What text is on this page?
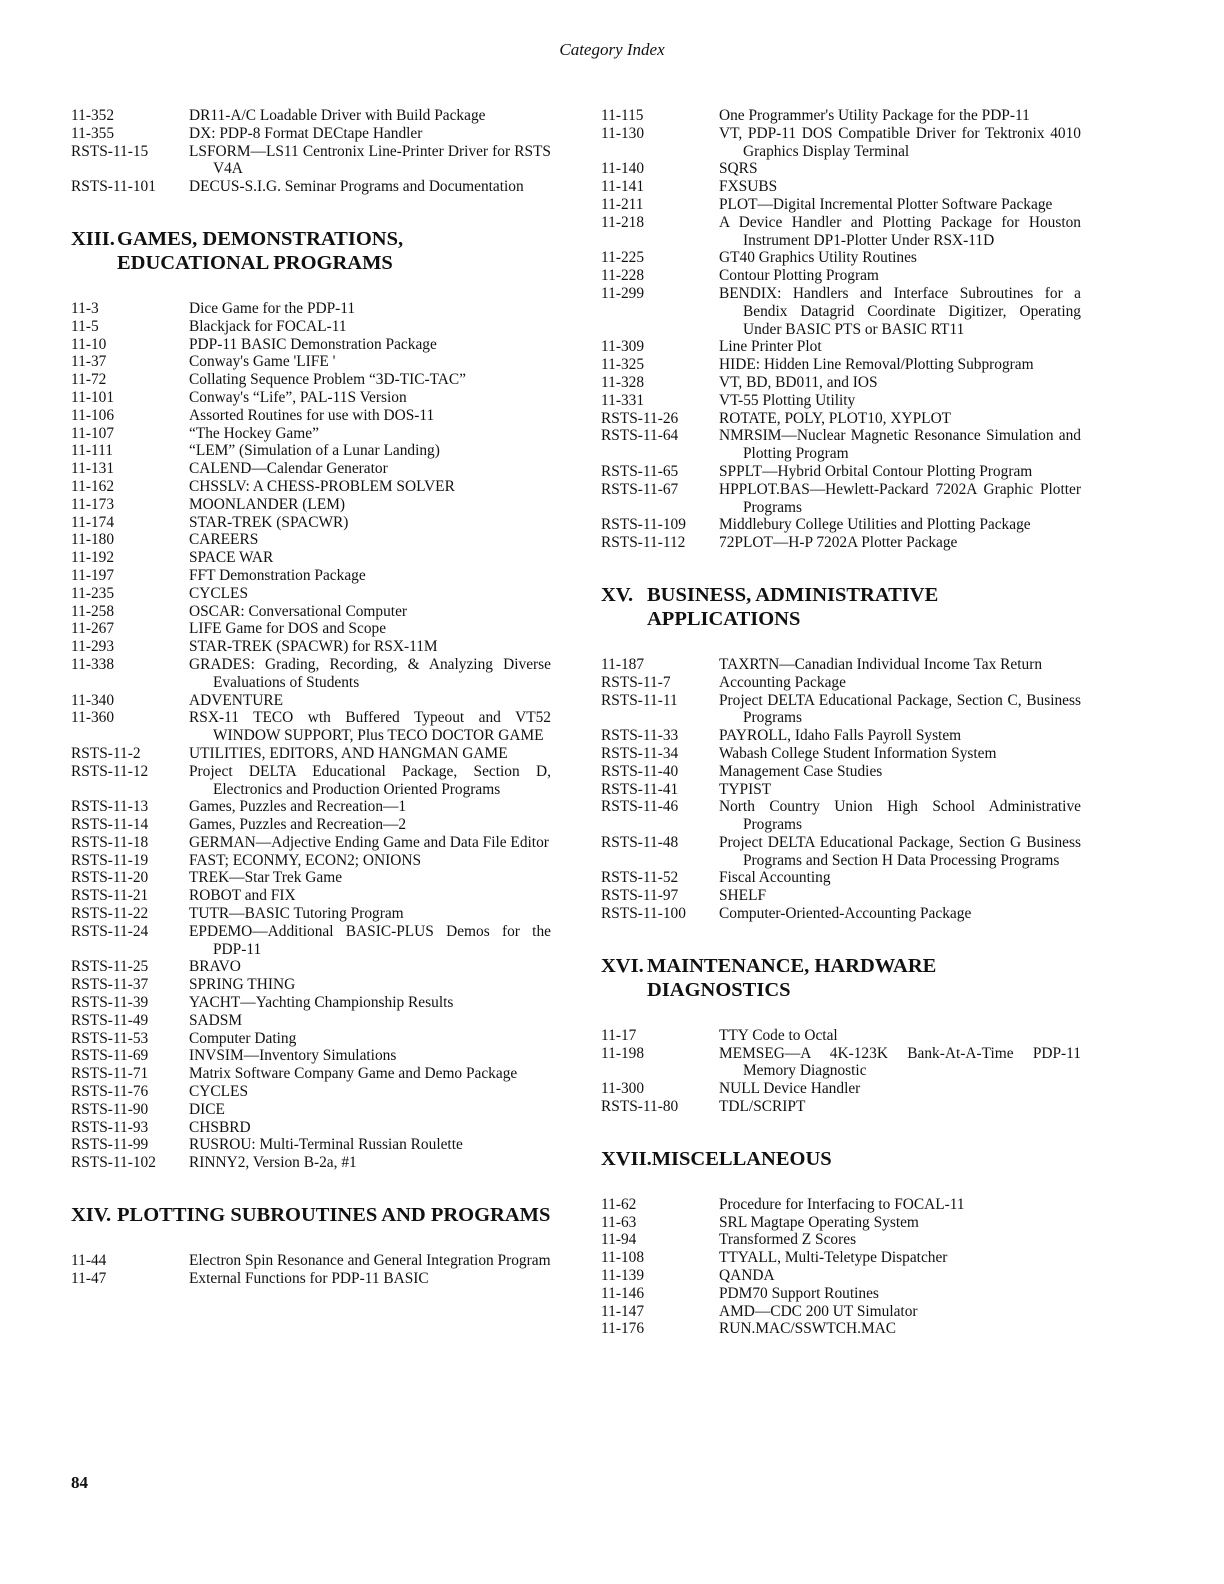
Category Index
11-352	DR11-A/C Loadable Driver with Build Package
11-355	DX: PDP-8 Format DECtape Handler
RSTS-11-15	LSFORM—LS11 Centronix Line-Printer Driver for RSTS V4A
RSTS-11-101	DECUS-S.I.G. Seminar Programs and Documentation
XIII. GAMES, DEMONSTRATIONS, EDUCATIONAL PROGRAMS
11-3	Dice Game for the PDP-11
11-5	Blackjack for FOCAL-11
11-10	PDP-11 BASIC Demonstration Package
11-37	Conway's Game 'LIFE '
11-72	Collating Sequence Problem “3D-TIC-TAC”
11-101	Conway's “Life”, PAL-11S Version
11-106	Assorted Routines for use with DOS-11
11-107	“The Hockey Game”
11-111	“LEM” (Simulation of a Lunar Landing)
11-131	CALEND—Calendar Generator
11-162	CHSSLV: A CHESS-PROBLEM SOLVER
11-173	MOONLANDER (LEM)
11-174	STAR-TREK (SPACWR)
11-180	CAREERS
11-192	SPACE WAR
11-197	FFT Demonstration Package
11-235	CYCLES
11-258	OSCAR: Conversational Computer
11-267	LIFE Game for DOS and Scope
11-293	STAR-TREK (SPACWR) for RSX-11M
11-338	GRADES: Grading, Recording, & Analyzing Diverse Evaluations of Students
11-340	ADVENTURE
11-360	RSX-11 TECO wth Buffered Typeout and VT52 WINDOW SUPPORT, Plus TECO DOCTOR GAME
RSTS-11-2	UTILITIES, EDITORS, AND HANGMAN GAME
RSTS-11-12	Project DELTA Educational Package, Section D, Electronics and Production Oriented Programs
RSTS-11-13	Games, Puzzles and Recreation—1
RSTS-11-14	Games, Puzzles and Recreation—2
RSTS-11-18	GERMAN—Adjective Ending Game and Data File Editor
RSTS-11-19	FAST; ECONMY, ECON2; ONIONS
RSTS-11-20	TREK—Star Trek Game
RSTS-11-21	ROBOT and FIX
RSTS-11-22	TUTR—BASIC Tutoring Program
RSTS-11-24	EPDEMO—Additional BASIC-PLUS Demos for the PDP-11
RSTS-11-25	BRAVO
RSTS-11-37	SPRING THING
RSTS-11-39	YACHT—Yachting Championship Results
RSTS-11-49	SADSM
RSTS-11-53	Computer Dating
RSTS-11-69	INVSIM—Inventory Simulations
RSTS-11-71	Matrix Software Company Game and Demo Package
RSTS-11-76	CYCLES
RSTS-11-90	DICE
RSTS-11-93	CHSBRD
RSTS-11-99	RUSROU: Multi-Terminal Russian Roulette
RSTS-11-102	RINNY2, Version B-2a, #1
XIV. PLOTTING SUBROUTINES AND PROGRAMS
11-44	Electron Spin Resonance and General Integration Program
11-47	External Functions for PDP-11 BASIC
11-115	One Programmer's Utility Package for the PDP-11
11-130	VT, PDP-11 DOS Compatible Driver for Tektronix 4010 Graphics Display Terminal
11-140	SQRS
11-141	FXSUBS
11-211	PLOT—Digital Incremental Plotter Software Package
11-218	A Device Handler and Plotting Package for Houston Instrument DP1-Plotter Under RSX-11D
11-225	GT40 Graphics Utility Routines
11-228	Contour Plotting Program
11-299	BENDIX: Handlers and Interface Subroutines for a Bendix Datagrid Coordinate Digitizer, Operating Under BASIC PTS or BASIC RT11
11-309	Line Printer Plot
11-325	HIDE: Hidden Line Removal/Plotting Subprogram
11-328	VT, BD, BD011, and IOS
11-331	VT-55 Plotting Utility
RSTS-11-26	ROTATE, POLY, PLOT10, XYPLOT
RSTS-11-64	NMRSIM—Nuclear Magnetic Resonance Simulation and Plotting Program
RSTS-11-65	SPPLT—Hybrid Orbital Contour Plotting Program
RSTS-11-67	HPPLOT.BAS—Hewlett-Packard 7202A Graphic Plotter Programs
RSTS-11-109	Middlebury College Utilities and Plotting Package
RSTS-11-112	72PLOT—H-P 7202A Plotter Package
XV. BUSINESS, ADMINISTRATIVE APPLICATIONS
11-187	TAXRTN—Canadian Individual Income Tax Return
RSTS-11-7	Accounting Package
RSTS-11-11	Project DELTA Educational Package, Section C, Business Programs
RSTS-11-33	PAYROLL, Idaho Falls Payroll System
RSTS-11-34	Wabash College Student Information System
RSTS-11-40	Management Case Studies
RSTS-11-41	TYPIST
RSTS-11-46	North Country Union High School Administrative Programs
RSTS-11-48	Project DELTA Educational Package, Section G Business Programs and Section H Data Processing Programs
RSTS-11-52	Fiscal Accounting
RSTS-11-97	SHELF
RSTS-11-100	Computer-Oriented-Accounting Package
XVI. MAINTENANCE, HARDWARE DIAGNOSTICS
11-17	TTY Code to Octal
11-198	MEMSEG—A 4K-123K Bank-At-A-Time PDP-11 Memory Diagnostic
11-300	NULL Device Handler
RSTS-11-80	TDL/SCRIPT
XVII.MISCELLANEOUS
11-62	Procedure for Interfacing to FOCAL-11
11-63	SRL Magtape Operating System
11-94	Transformed Z Scores
11-108	TTYALL, Multi-Teletype Dispatcher
11-139	QANDA
11-146	PDM70 Support Routines
11-147	AMD—CDC 200 UT Simulator
11-176	RUN.MAC/SSWTCH.MAC
84
